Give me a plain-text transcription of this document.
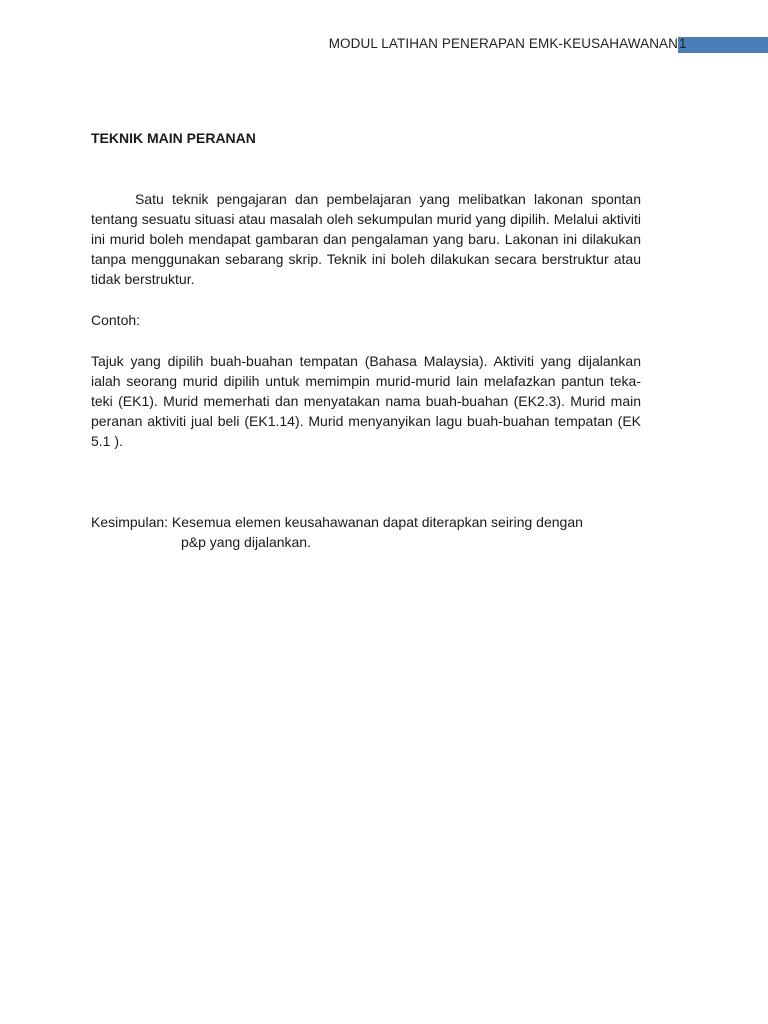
MODUL LATIHAN PENERAPAN EMK-KEUSAHAWANAN 1
TEKNIK MAIN PERANAN

Satu teknik pengajaran dan pembelajaran yang melibatkan lakonan spontan tentang sesuatu situasi atau masalah oleh sekumpulan murid yang dipilih. Melalui aktiviti ini murid boleh mendapat gambaran dan pengalaman yang baru. Lakonan ini dilakukan tanpa menggunakan sebarang skrip. Teknik ini boleh dilakukan secara berstruktur atau tidak berstruktur.

Contoh:

Tajuk yang dipilih buah-buahan tempatan (Bahasa Malaysia). Aktiviti yang dijalankan ialah seorang murid dipilih untuk memimpin murid-murid lain melafazkan pantun teka-teki (EK1). Murid memerhati dan menyatakan nama buah-buahan (EK2.3). Murid main peranan aktiviti jual beli (EK1.14). Murid menyanyikan lagu buah-buahan tempatan (EK 5.1 ).

Kesimpulan: Kesemua elemen keusahawanan dapat diterapkan seiring dengan

p&p yang dijalankan.
